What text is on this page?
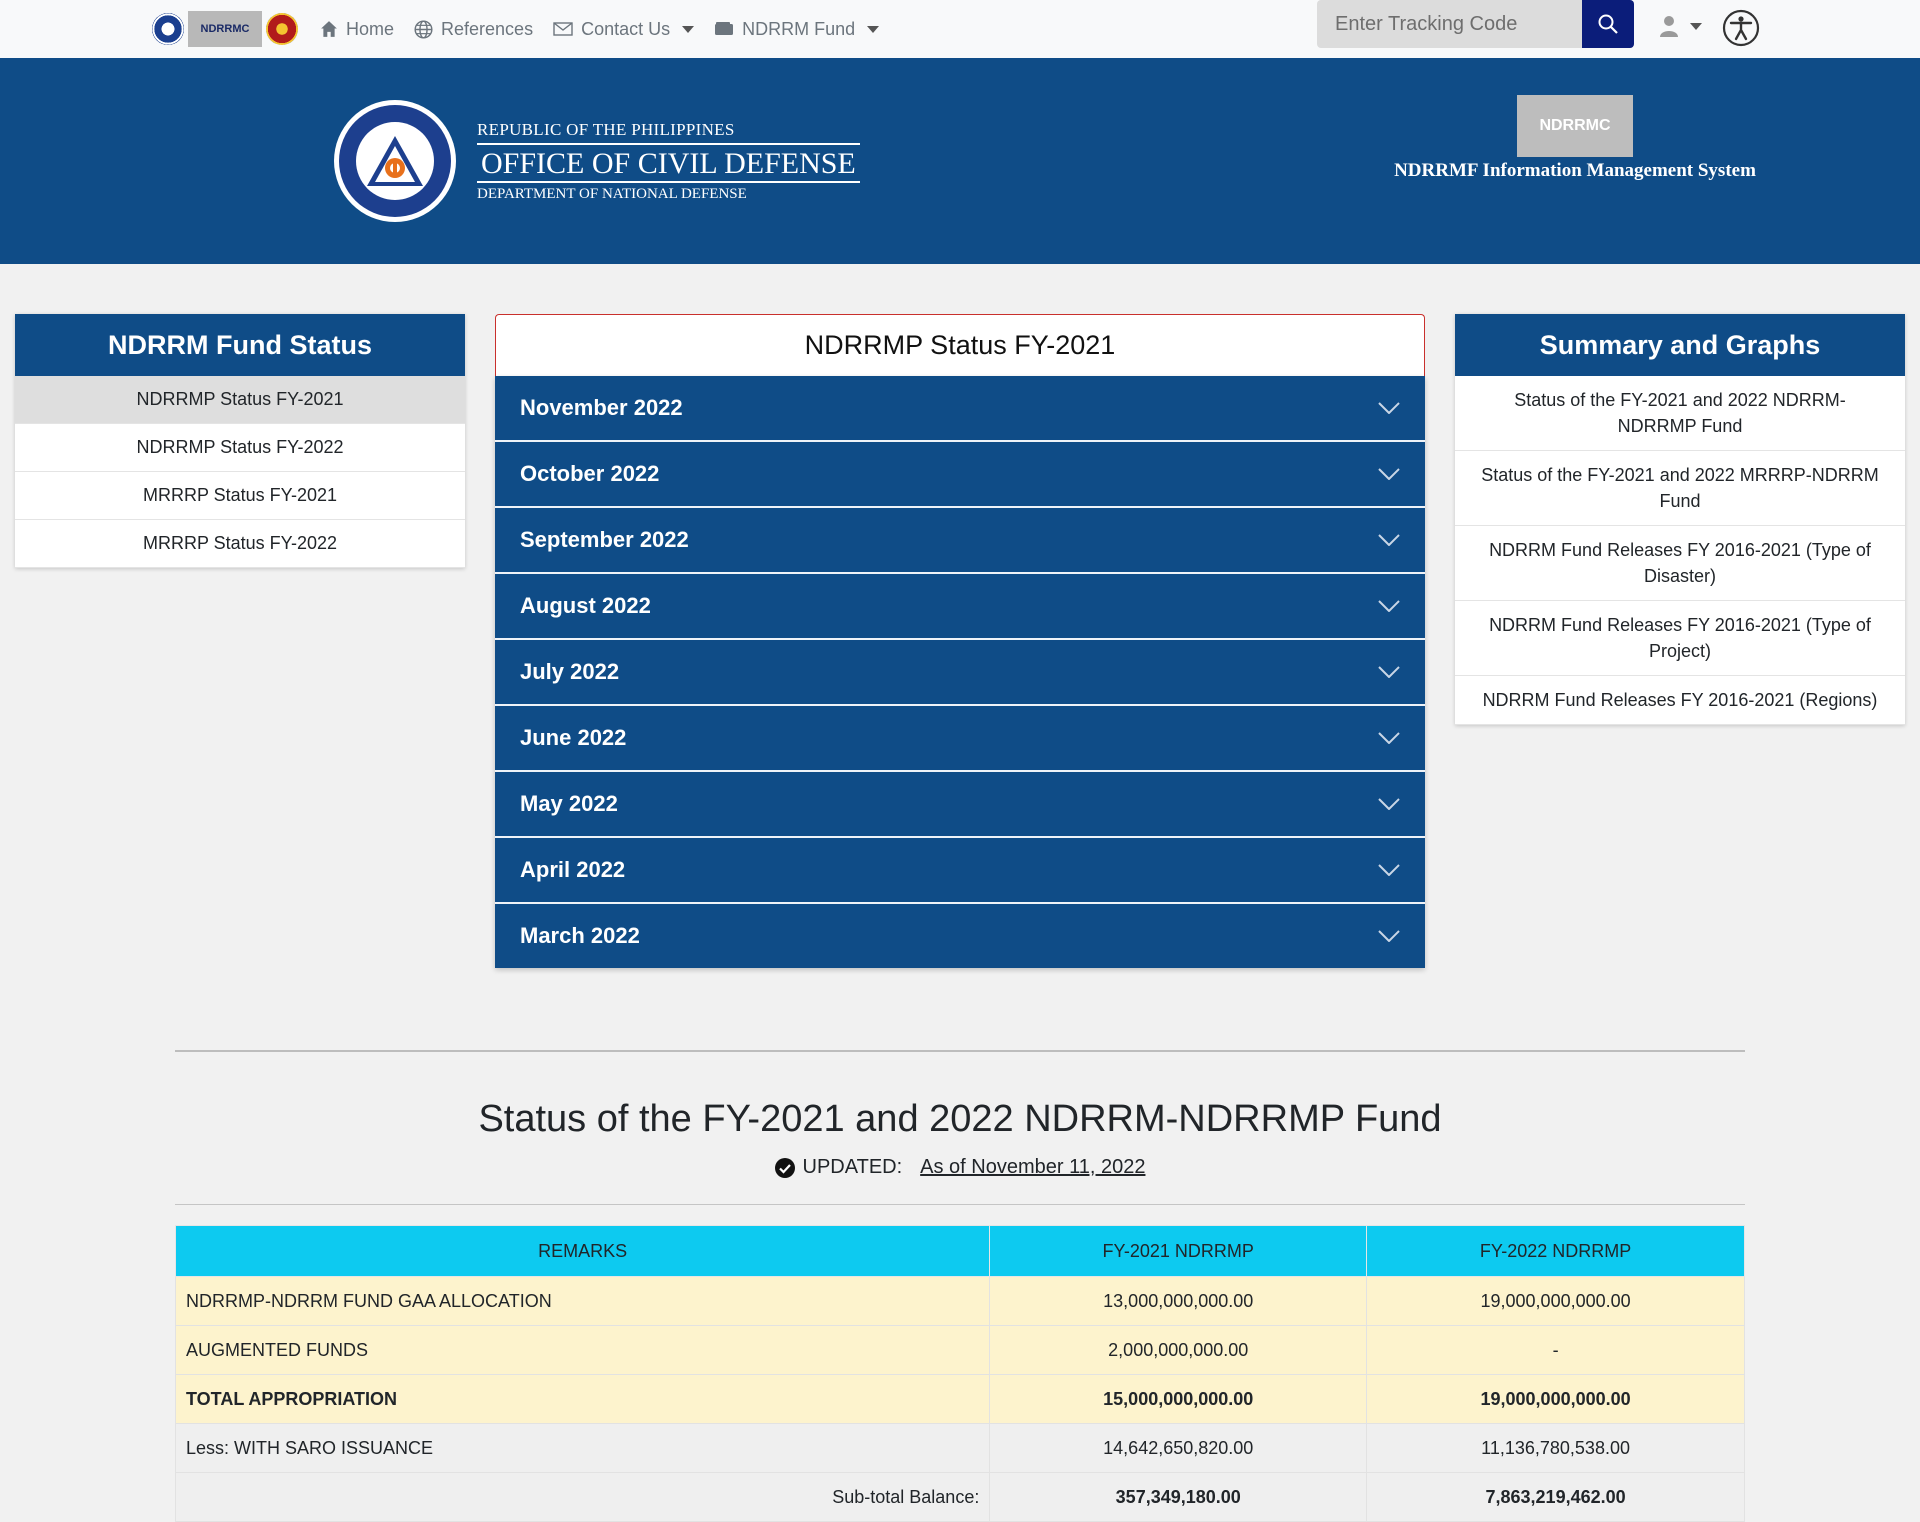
NDRRMC	Home	References	Contact Us	NDRRM Fund
Enter Tracking Code
REPUBLIC OF THE PHILIPPINES
OFFICE OF CIVIL DEFENSE
DEPARTMENT OF NATIONAL DEFENSE
NDRRMC
NDRRMF Information Management System
NDRRM Fund Status
NDRRMP Status FY-2021
NDRRMP Status FY-2022
MRRRP Status FY-2021
MRRRP Status FY-2022
NDRRMP Status FY-2021
November 2022
October 2022
September 2022
August 2022
July 2022
June 2022
May 2022
April 2022
March 2022
Summary and Graphs
Status of the FY-2021 and 2022 NDRRM-NDRRMP Fund
Status of the FY-2021 and 2022 MRRRP-NDRRM Fund
NDRRM Fund Releases FY 2016-2021 (Type of Disaster)
NDRRM Fund Releases FY 2016-2021 (Type of Project)
NDRRM Fund Releases FY 2016-2021 (Regions)
Status of the FY-2021 and 2022 NDRRM-NDRRMP Fund
UPDATED: As of November 11, 2022
REMARKS	FY-2021 NDRRMP	FY-2022 NDRRMP
NDRRMP-NDRRM FUND GAA ALLOCATION	13,000,000,000.00	19,000,000,000.00
AUGMENTED FUNDS	2,000,000,000.00	-
TOTAL APPROPRIATION	15,000,000,000.00	19,000,000,000.00
Less: WITH SARO ISSUANCE	14,642,650,820.00	11,136,780,538.00
Sub-total Balance:	357,349,180.00	7,863,219,462.00
